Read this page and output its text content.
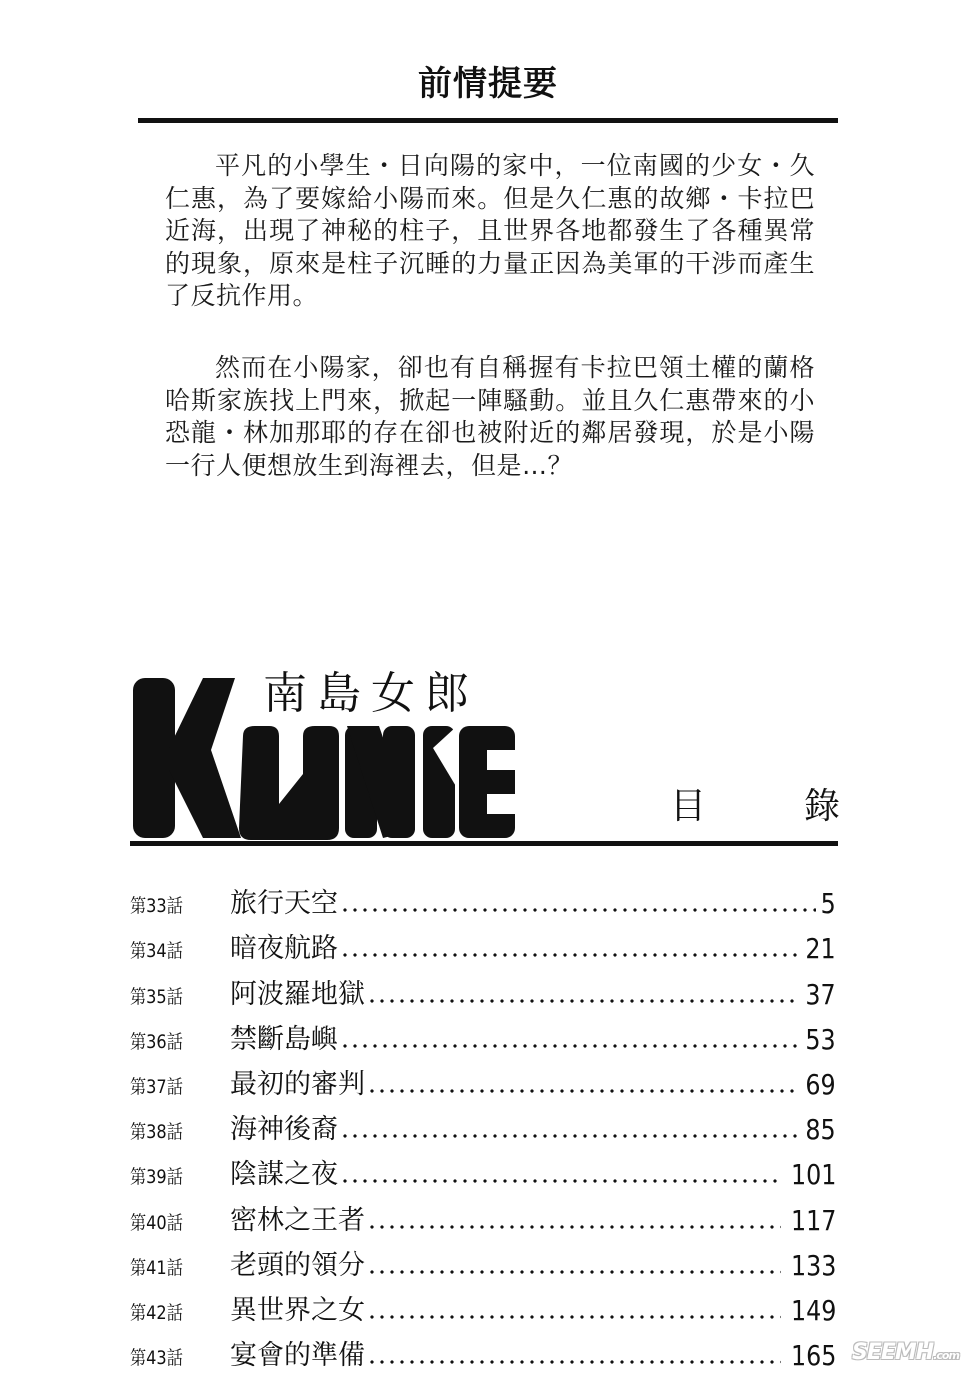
前情提要

平凡的小學生・日向陽的家中，一位南國的少女・久仁惠，為了要嫁給小陽而來。但是久仁惠的故鄉・卡拉巴近海，出現了神秘的柱子，且世界各地都發生了各種異常的現象，原來是柱子沉睡的力量正因為美軍的干涉而產生了反抗作用。

然而在小陽家，卻也有自稱握有卡拉巴領土權的蘭格哈斯家族找上門來，掀起一陣騷動。並且久仁惠帶來的小恐龍・林加那耶的存在卻也被附近的鄰居發現，於是小陽一行人便想放生到海裡去，但是…？

南島女郎
目	錄
第33話	旅行天空	5
第34話	暗夜航路	21
第35話	阿波羅地獄	37
第36話	禁斷島嶼	53
第37話	最初的審判	69
第38話	海神後裔	85
第39話	陰謀之夜	101
第40話	密林之王者	117
第41話	老頭的領分	133
第42話	異世界之女	149
第43話	宴會的準備	165 SEEMH.com
